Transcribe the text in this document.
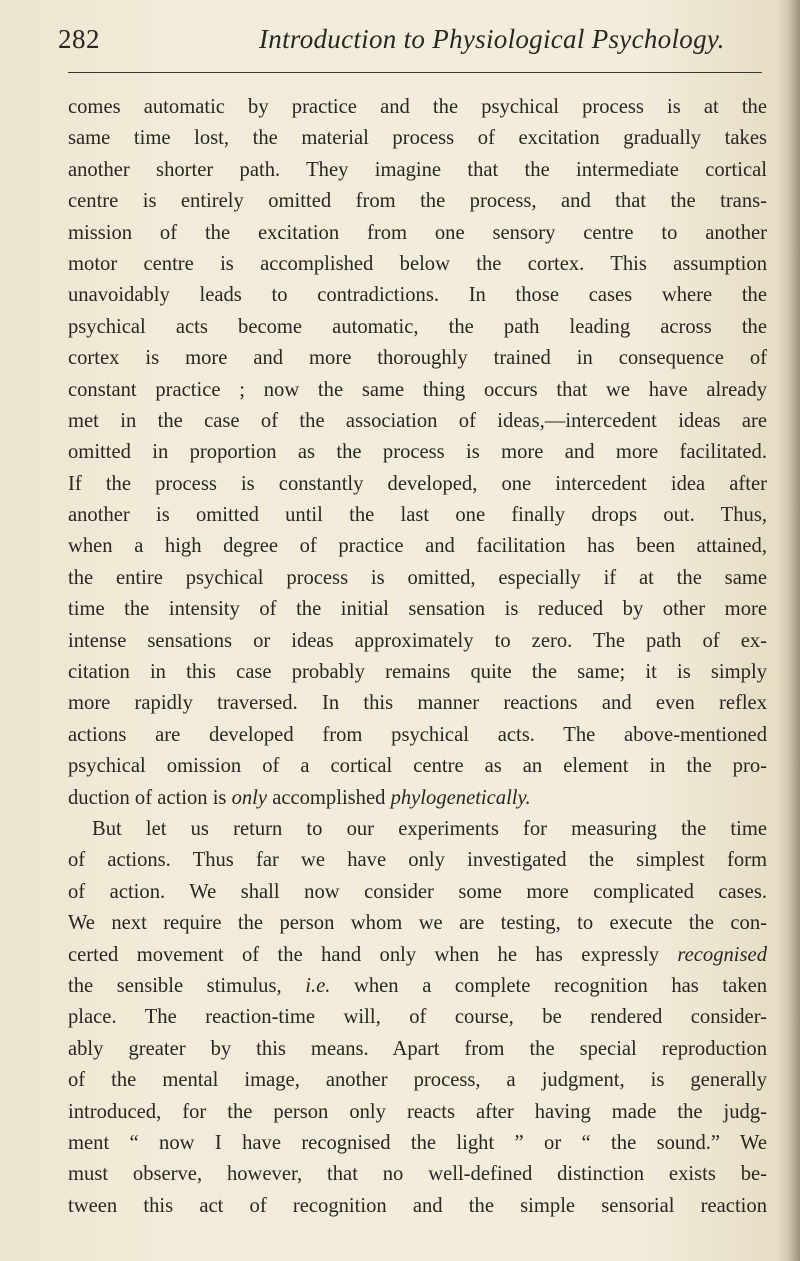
282	Introduction to Physiological Psychology.
comes automatic by practice and the psychical process is at the
same time lost, the material process of excitation gradually takes
another shorter path. They imagine that the intermediate cortical
centre is entirely omitted from the process, and that the trans-
mission of the excitation from one sensory centre to another
motor centre is accomplished below the cortex. This assumption
unavoidably leads to contradictions. In those cases where the
psychical acts become automatic, the path leading across the
cortex is more and more thoroughly trained in consequence of
constant practice ; now the same thing occurs that we have already
met in the case of the association of ideas,—intercedent ideas are
omitted in proportion as the process is more and more facilitated.
If the process is constantly developed, one intercedent idea after
another is omitted until the last one finally drops out. Thus,
when a high degree of practice and facilitation has been attained,
the entire psychical process is omitted, especially if at the same
time the intensity of the initial sensation is reduced by other more
intense sensations or ideas approximately to zero. The path of ex-
citation in this case probably remains quite the same; it is simply
more rapidly traversed. In this manner reactions and even reflex
actions are developed from psychical acts. The above-mentioned
psychical omission of a cortical centre as an element in the pro-
duction of action is only accomplished phylogenetically.
But let us return to our experiments for measuring the time
of actions. Thus far we have only investigated the simplest form
of action. We shall now consider some more complicated cases.
We next require the person whom we are testing, to execute the con-
certed movement of the hand only when he has expressly recognised
the sensible stimulus, i.e. when a complete recognition has taken
place. The reaction-time will, of course, be rendered consider-
ably greater by this means. Apart from the special reproduction
of the mental image, another process, a judgment, is generally
introduced, for the person only reacts after having made the judg-
ment “ now I have recognised the light ” or “ the sound.” We
must observe, however, that no well-defined distinction exists be-
tween this act of recognition and the simple sensorial reaction
